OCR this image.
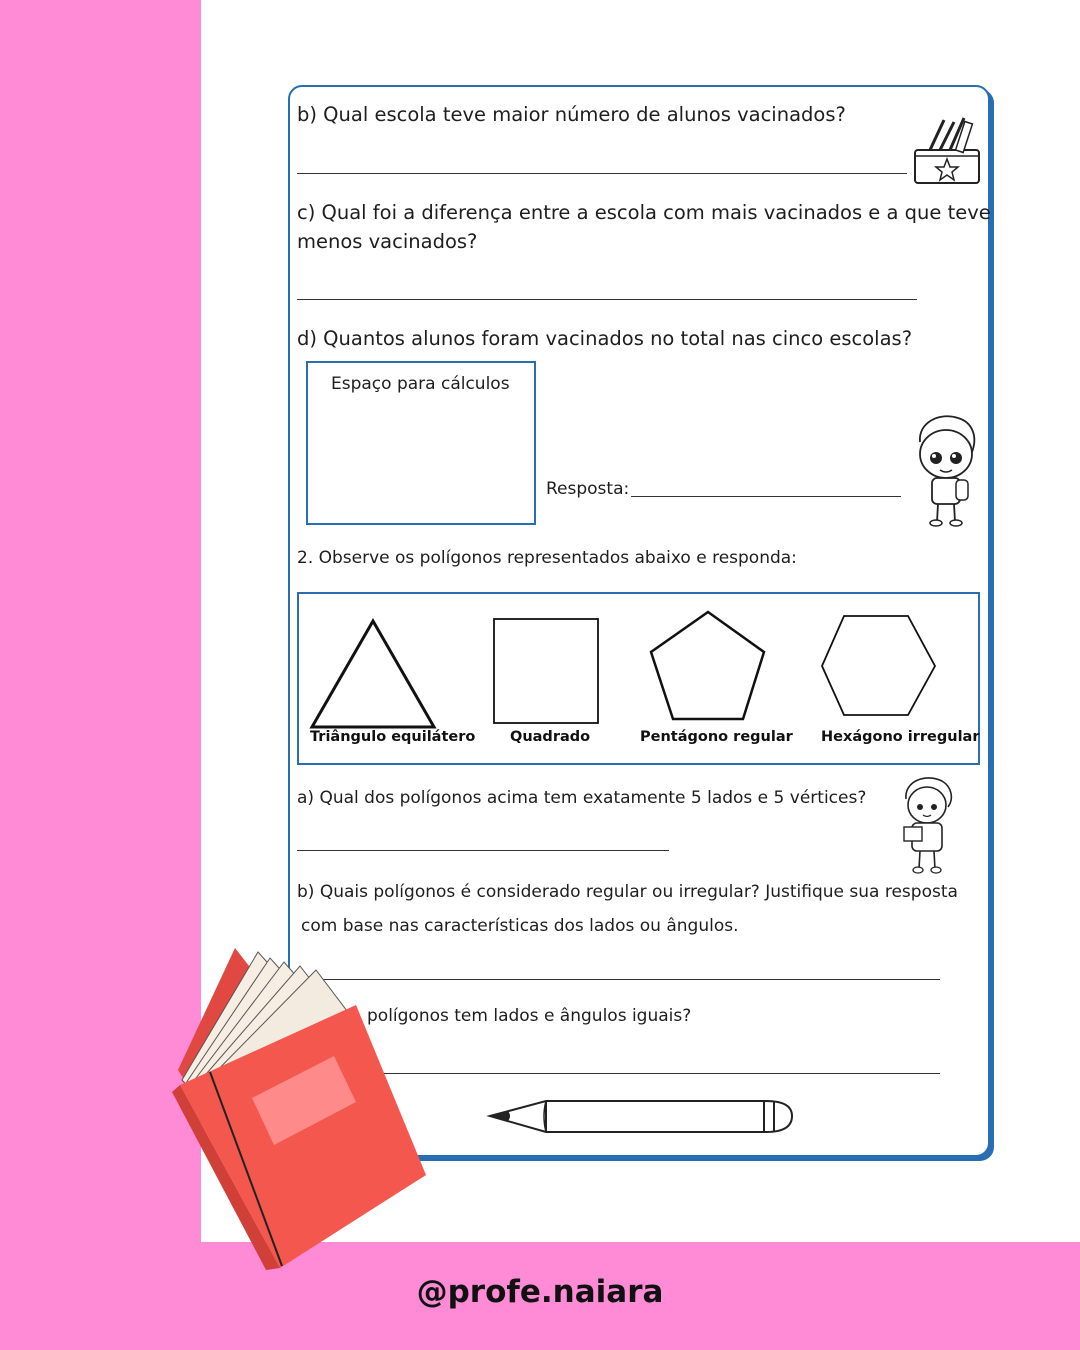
b) Qual escola teve maior número de alunos vacinados?
c) Qual foi a diferença entre a escola com mais vacinados e a que teve
menos vacinados?
d) Quantos alunos foram vacinados no total nas cinco escolas?
Espaço para cálculos
Resposta:
2. Observe os polígonos representados abaixo e responda:
Triângulo equilátero Quadrado	Pentágono regular Hexágono irregular
a) Qual dos polígonos acima tem exatamente 5 lados e 5 vértices?
b) Quais polígonos é considerado regular ou irregular? Justifique sua resposta
com base nas características dos lados ou ângulos.
polígonos tem lados e ângulos iguais?
@profe.naiara
